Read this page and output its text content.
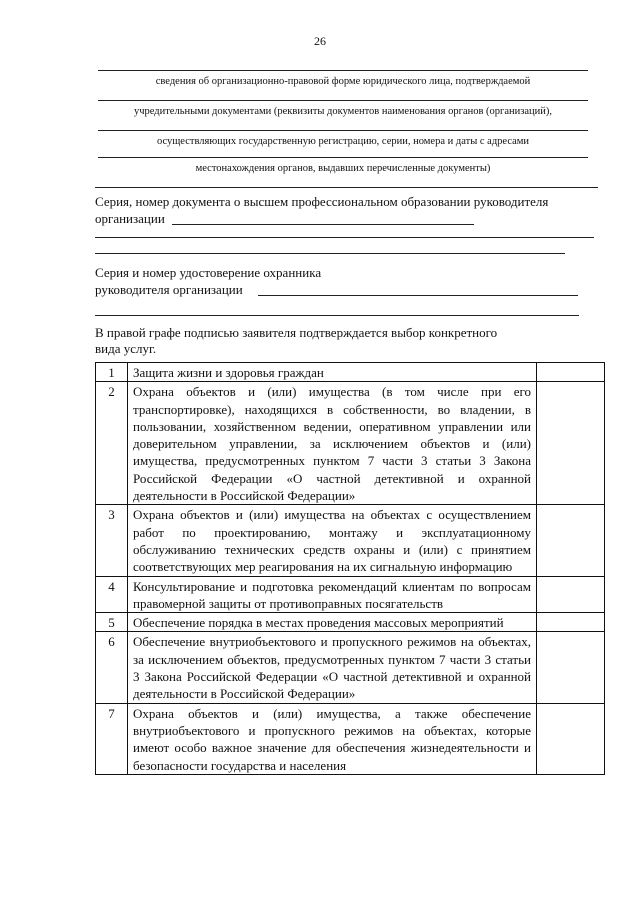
26
сведения об организационно-правовой форме юридического лица, подтверждаемой
учредительными документами (реквизиты документов наименования органов (организаций),
осуществляющих государственную регистрацию, серии, номера и даты с адресами
местонахождения органов, выдавших перечисленные документы)
Серия, номер документа о высшем профессиональном образовании руководителя
организации
Серия и номер удостоверение охранника
руководителя организации
В правой графе подписью заявителя подтверждается выбор конкретного
вида услуг.
1	Защита жизни и здоровья граждан	

2	Охрана объектов и (или) имущества (в том числе при его транспортировке), находящихся в собственности, во владении, в пользовании, хозяйственном ведении, оперативном управлении или доверительном управлении, за исключением объектов и (или) имущества, предусмотренных пунктом 7 части 3 статьи 3 Закона Российской Федерации «О частной детективной и охранной деятельности в Российской Федерации»	

3	Охрана объектов и (или) имущества на объектах с осуществлением работ по проектированию, монтажу и эксплуатационному обслуживанию технических средств охраны и (или) с принятием соответствующих мер реагирования на их сигнальную информацию	

4	Консультирование и подготовка рекомендаций клиентам по вопросам правомерной защиты от противоправных посягательств	

5	Обеспечение порядка в местах проведения массовых мероприятий	

6	Обеспечение внутриобъектового и пропускного режимов на объектах, за исключением объектов, предусмотренных пунктом 7 части 3 статьи 3 Закона Российской Федерации «О частной детективной и охранной деятельности в Российской Федерации»	

7	Охрана объектов и (или) имущества, а также обеспечение внутриобъектового и пропускного режимов на объектах, которые имеют особо важное значение для обеспечения жизнедеятельности и безопасности государства и населения	
